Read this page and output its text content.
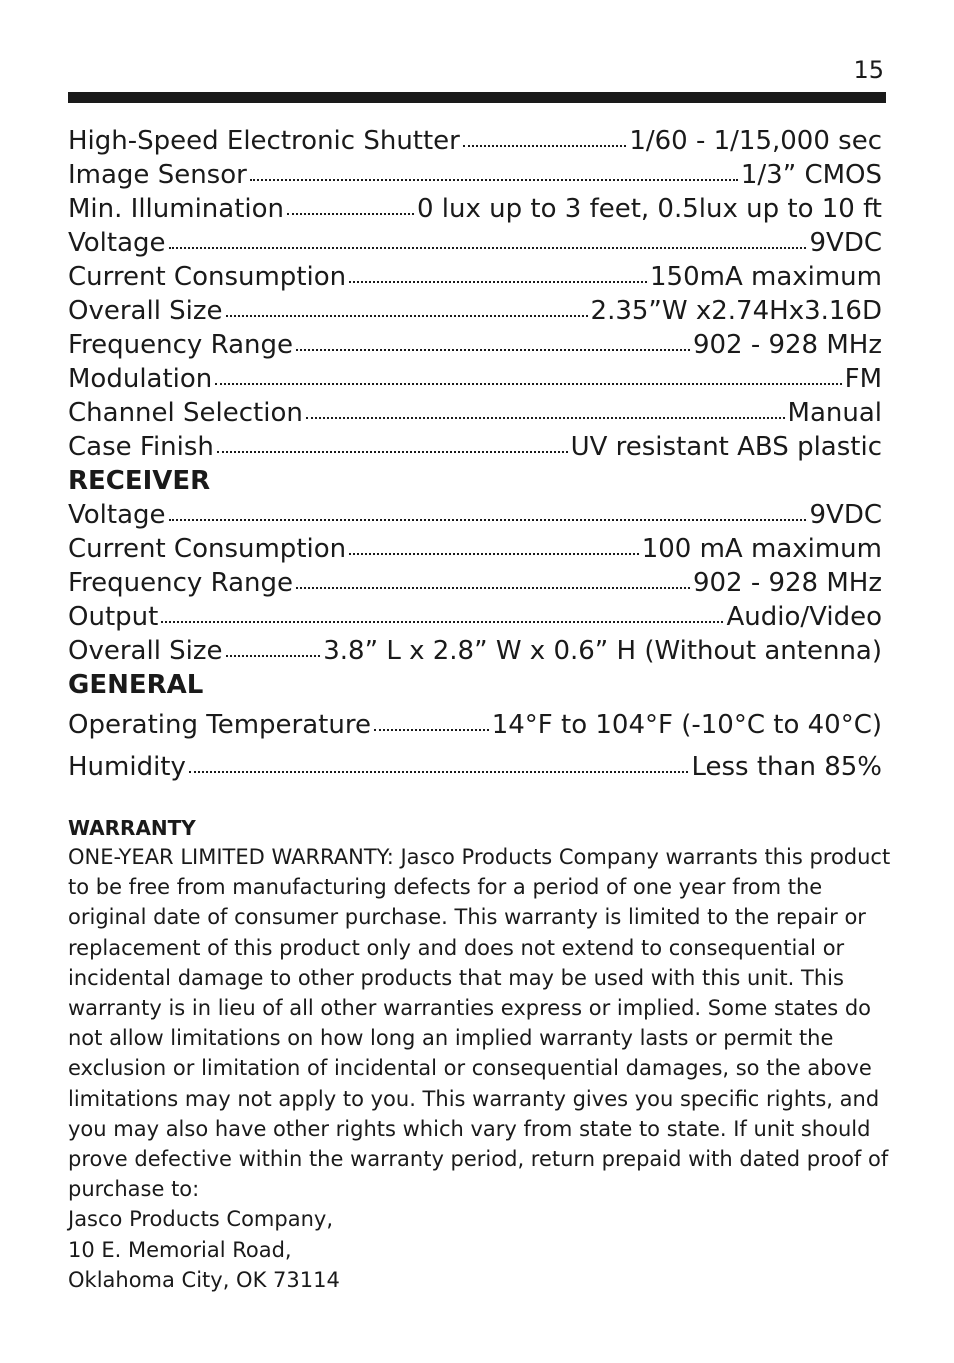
15
High-Speed Electronic Shutter	1/60 - 1/15,000 sec
Image Sensor	1/3” CMOS
Min. Illumination	0 lux up to 3 feet, 0.5lux up to 10 ft
Voltage	9VDC
Current Consumption	150mA maximum
Overall Size	2.35”W x2.74Hx3.16D
Frequency Range	902 - 928 MHz
Modulation	FM
Channel Selection	Manual
Case Finish	UV resistant ABS plastic
RECEIVER
Voltage	9VDC
Current Consumption	100 mA maximum
Frequency Range	902 - 928 MHz
Output	Audio/Video
Overall Size	3.8” L x 2.8” W x 0.6” H (Without antenna)
GENERAL
Operating Temperature	14°F to 104°F (-10°C to 40°C)
Humidity	Less than 85%
WARRANTY

ONE-YEAR LIMITED WARRANTY: Jasco Products Company warrants this product to be free from manufacturing defects for a period of one year from the original date of consumer purchase. This warranty is limited to the repair or replacement of this product only and does not extend to consequential or incidental damage to other products that may be used with this unit. This warranty is in lieu of all other warranties express or implied. Some states do not allow limitations on how long an implied warranty lasts or permit the exclusion or limitation of incidental or consequential damages, so the above limitations may not apply to you. This warranty gives you specific rights, and you may also have other rights which vary from state to state. If unit should prove defective within the warranty period, return prepaid with dated proof of purchase to:

Jasco Products Company,

10 E. Memorial Road,

Oklahoma City, OK 73114
